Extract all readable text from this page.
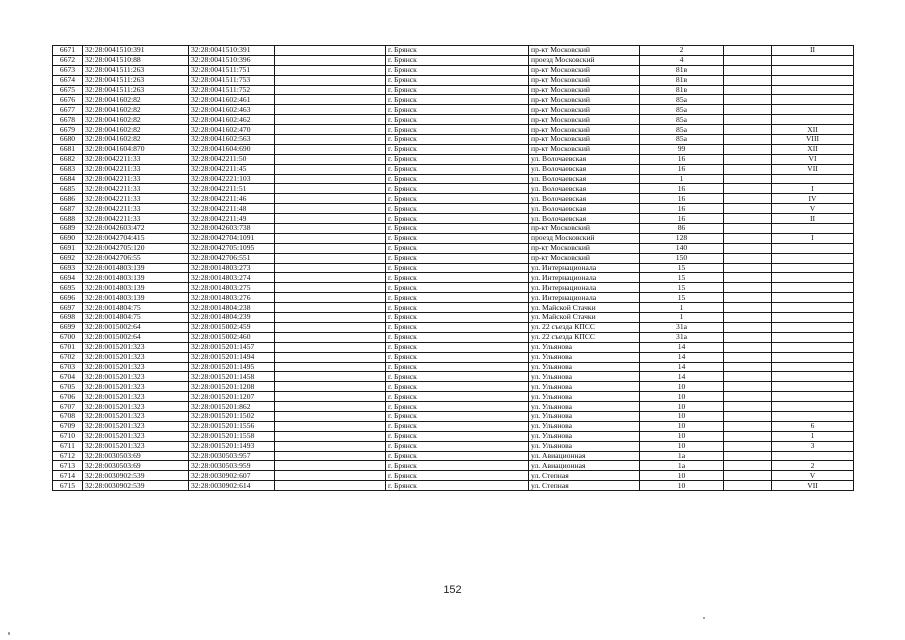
6671	32:28:0041510:391	32:28:0041510:391		г. Брянск	пр-кт Московский	2		II
6672	32:28:0041510:88	32:28:0041510:396		г. Брянск	проезд Московский	4		
6673	32:28:0041511:263	32:28:0041511:751		г. Брянск	пр-кт Московский	81в		
6674	32:28:0041511:263	32:28:0041511:753		г. Брянск	пр-кт Московский	81в		
6675	32:28:0041511:263	32:28:0041511:752		г. Брянск	пр-кт Московский	81в		
6676	32:28:0041602:82	32:28:0041602:461		г. Брянск	пр-кт Московский	85а		
6677	32:28:0041602:82	32:28:0041602:463		г. Брянск	пр-кт Московский	85а		
6678	32:28:0041602:82	32:28:0041602:462		г. Брянск	пр-кт Московский	85а		
6679	32:28:0041602:82	32:28:0041602:470		г. Брянск	пр-кт Московский	85а		XII
6680	32:28:0041602:82	32:28:0041602:563		г. Брянск	пр-кт Московский	85а		VIII
6681	32:28:0041604:870	32:28:0041604:690		г. Брянск	пр-кт Московский	99		XII
6682	32:28:0042211:33	32:28:0042211:50		г. Брянск	ул. Волочаевская	16		VI
6683	32:28:0042211:33	32:28:0042211:45		г. Брянск	ул. Волочаевская	16		VII
6684	32:28:0042211:33	32:28:0042221:103		г. Брянск	ул. Волочаевская	1		
6685	32:28:0042211:33	32:28:0042211:51		г. Брянск	ул. Волочаевская	16		I
6686	32:28:0042211:33	32:28:0042211:46		г. Брянск	ул. Волочаевская	16		IV
6687	32:28:0042211:33	32:28:0042211:48		г. Брянск	ул. Волочаевская	16		V
6688	32:28:0042211:33	32:28:0042211:49		г. Брянск	ул. Волочаевская	16		II
6689	32:28:0042603:472	32:28:0042603:738		г. Брянск	пр-кт Московский	86		
6690	32:28:0042704:415	32:28:0042704:1091		г. Брянск	проезд Московский	128		I
6691	32:28:0042705:120	32:28:0042705:1095		г. Брянск	пр-кт Московский	140		
6692	32:28:0042706:55	32:28:0042706:551		г. Брянск	пр-кт Московский	150		
6693	32:28:0014803:139	32:28:0014803:273		г. Брянск	ул. Интернационала	15		
6694	32:28:0014803:139	32:28:0014803:274		г. Брянск	ул. Интернационала	15		
6695	32:28:0014803:139	32:28:0014803:275		г. Брянск	ул. Интернационала	15		
6696	32:28:0014803:139	32:28:0014803:276		г. Брянск	ул. Интернационала	15		
6697	32:28:0014804:75	32:28:0014804:238		г. Брянск	ул. Майской Стачки	1		
6698	32:28:0014804:75	32:28:0014804:239		г. Брянск	ул. Майской Стачки	1		
6699	32:28:0015002:64	32:28:0015002:459		г. Брянск	ул. 22 съезда КПСС	31а		
6700	32:28:0015002:64	32:28:0015002:460		г. Брянск	ул. 22 съезда КПСС	31а		
6701	32:28:0015201:323	32:28:0015201:1457		г. Брянск	ул. Ульянова	14		
6702	32:28:0015201:323	32:28:0015201:1494		г. Брянск	ул. Ульянова	14		
6703	32:28:0015201:323	32:28:0015201:1495		г. Брянск	ул. Ульянова	14		
6704	32:28:0015201:323	32:28:0015201:1458		г. Брянск	ул. Ульянова	14		
6705	32:28:0015201:323	32:28:0015201:1208		г. Брянск	ул. Ульянова	10		
6706	32:28:0015201:323	32:28:0015201:1207		г. Брянск	ул. Ульянова	10		
6707	32:28:0015201:323	32:28:0015201:862		г. Брянск	ул. Ульянова	10		
6708	32:28:0015201:323	32:28:0015201:1502		г. Брянск	ул. Ульянова	10		
6709	32:28:0015201:323	32:28:0015201:1556		г. Брянск	ул. Ульянова	10		6
6710	32:28:0015201:323	32:28:0015201:1558		г. Брянск	ул. Ульянова	10		1
6711	32:28:0015201:323	32:28:0015201:1493		г. Брянск	ул. Ульянова	10		3
6712	32:28:0030503:69	32:28:0030503:957		г. Брянск	ул. Авиационная	1а		
6713	32:28:0030503:69	32:28:0030503:959		г. Брянск	ул. Авиационная	1а		2
6714	32:28:0030902:539	32:28:0030902:607		г. Брянск	ул. Степная	10		V
6715	32:28:0030902:539	32:28:0030902:614		г. Брянск	ул. Степная	10		VII
152
